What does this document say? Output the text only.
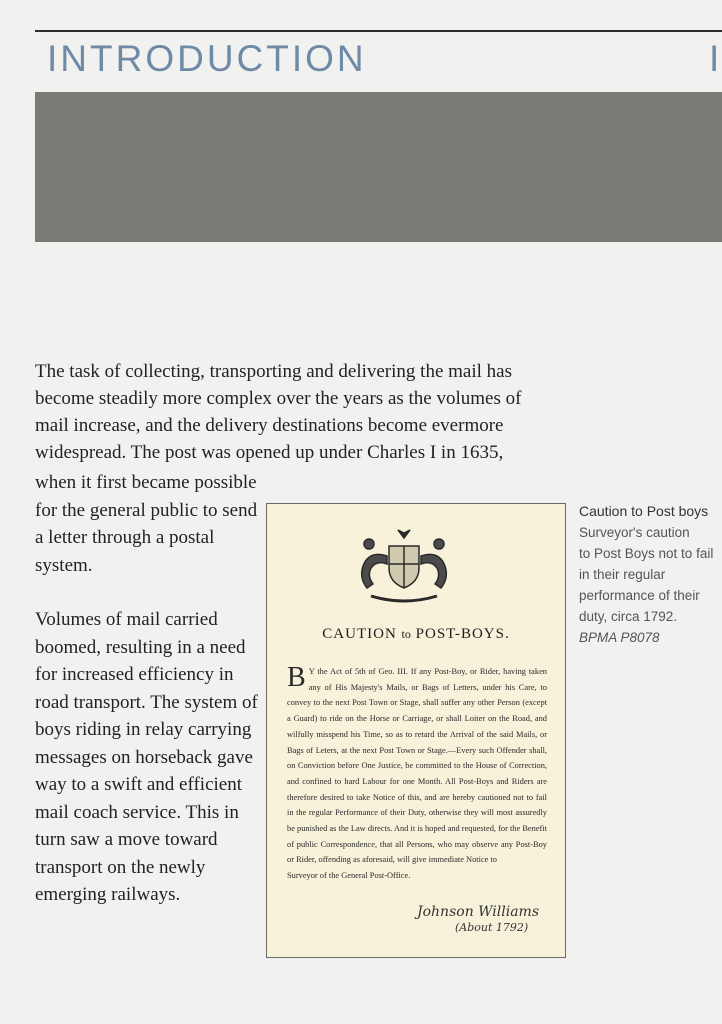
INTRODUCTION	I

The task of collecting, transporting and delivering the mail has become steadily more complex over the years as the volumes of mail increase, and the delivery destinations become evermore widespread. The post was opened up under Charles I in 1635,

when it first became possible for the general public to send a letter through a postal system.

Volumes of mail carried boomed, resulting in a need for increased efficiency in road transport. The system of boys riding in relay carrying messages on horseback gave way to a swift and efficient mail coach service. This in turn saw a move toward transport on the newly emerging railways.

CAUTION to POST-BOYS.

B Y the Act of 5th of Geo. III. If any Post-Boy, or Rider, having taken any of His Majesty's Mails, or Bags of Letters, under his Care, to convey to the next Post Town or Stage, shall suffer any other Person (except a Guard) to ride on the Horse or Carriage, or shall Loiter on the Road, and wilfully misspend his Time, so as to retard the Arrival of the said Mails, or Bags of Leters, at the next Post Town or Stage.—Every such Offender shall, on Conviction before One Justice, be committed to the House of Correction, and confined to hard Labour for one Month. All Post-Boys and Riders are therefore desired to take Notice of this, and are hereby cautioned not to fail in the regular Performance of their Duty, otherwise they will most assuredly be punished as the Law directs. And it is hoped and requested, for the Benefit of public Correspondence, that all Persons, who may observe any Post-Boy or Rider, offending as aforesaid, will give immediate Notice to
Surveyor of the General Post-Office.

Johnson Williams
(About 1792)
Caution to Post boys
Surveyor's caution
to Post Boys not to fail
in their regular
performance of their
duty, circa 1792.
BPMA P8078
